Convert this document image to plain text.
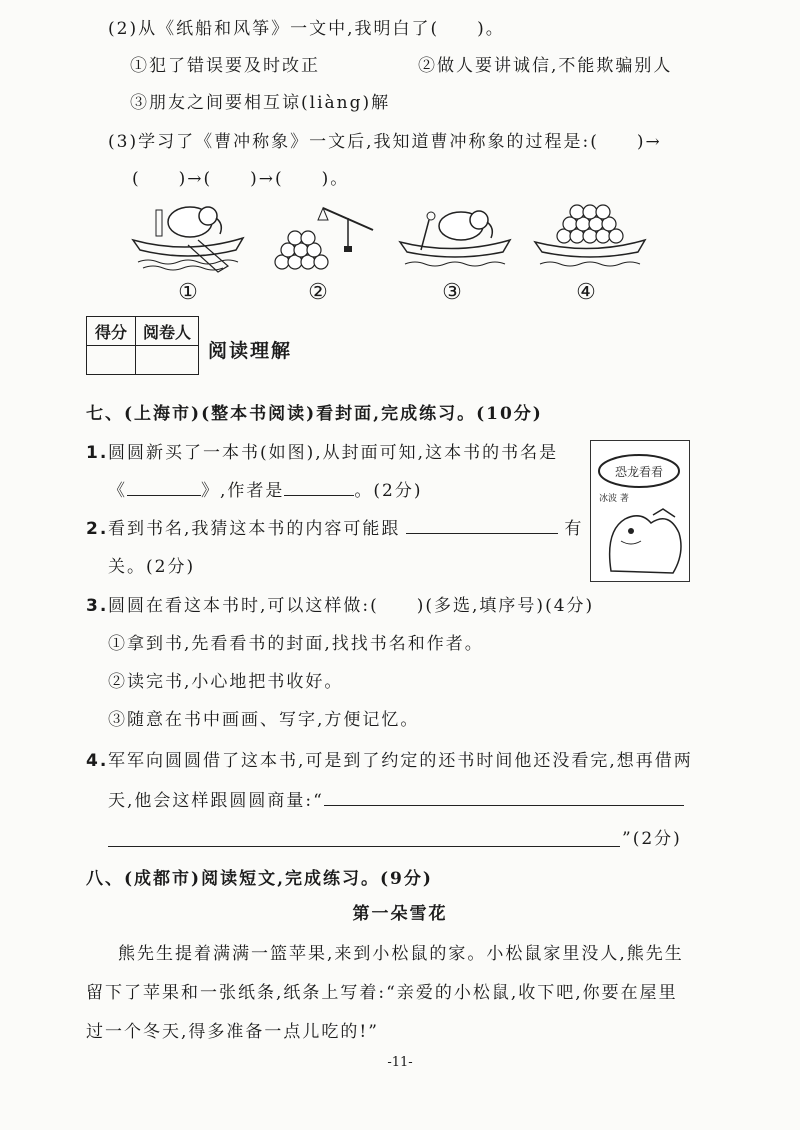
(2)从《纸船和风筝》一文中,我明白了(　　)。
①犯了错误要及时改正	②做人要讲诚信,不能欺骗别人
③朋友之间要相互谅(liàng)解
(3)学习了《曹冲称象》一文后,我知道曹冲称象的过程是:(　　)→
(　　)→(　　)→(　　)。
①	②	③	④
得分	阅卷人

阅读理解
七、(上海市)(整本书阅读)看封面,完成练习。(10分)
1. 圆圆新买了一本书(如图),从封面可知,这本书的书名是
《	》,作者是	。(2分)
2. 看到书名,我猜这本书的内容可能跟	有
关。(2分)
恐龙看看
冰波 著
3. 圆圆在看这本书时,可以这样做:(　　)(多选,填序号)(4分)
①拿到书,先看看书的封面,找找书名和作者。
②读完书,小心地把书收好。
③随意在书中画画、写字,方便记忆。
4. 军军向圆圆借了这本书,可是到了约定的还书时间他还没看完,想再借两
天,他会这样跟圆圆商量:“
”(2分)
八、(成都市)阅读短文,完成练习。(9分)
第一朵雪花
熊先生提着满满一篮苹果,来到小松鼠的家。小松鼠家里没人,熊先生
留下了苹果和一张纸条,纸条上写着:“亲爱的小松鼠,收下吧,你要在屋里
过一个冬天,得多准备一点儿吃的!”
-11-
